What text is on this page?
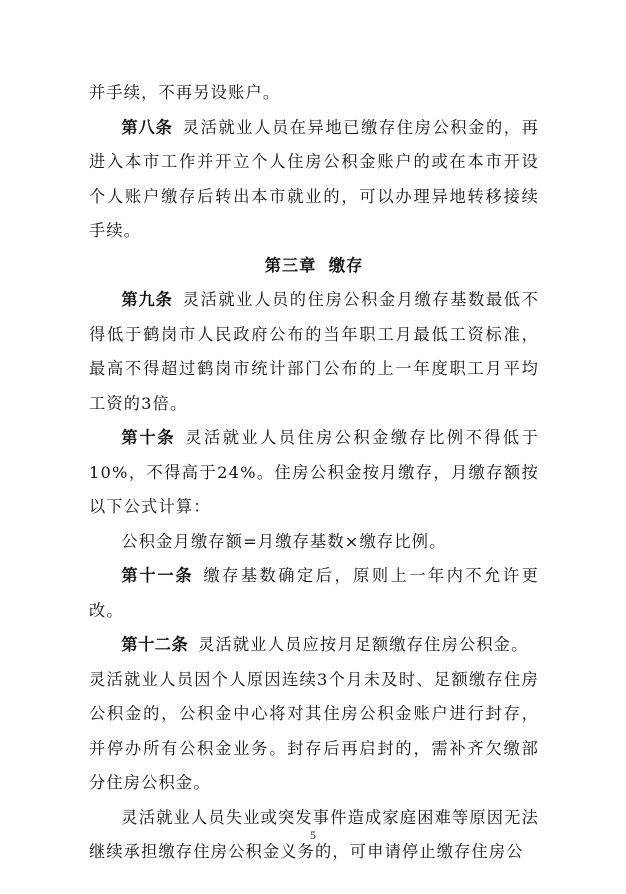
并手续，不再另设账户。

第八条 灵活就业人员在异地已缴存住房公积金的，再进入本市工作并开立个人住房公积金账户的或在本市开设个人账户缴存后转出本市就业的，可以办理异地转移接续手续。

第三章 缴存

第九条 灵活就业人员的住房公积金月缴存基数最低不得低于鹤岗市人民政府公布的当年职工月最低工资标准，最高不得超过鹤岗市统计部门公布的上一年度职工月平均工资的3倍。

第十条 灵活就业人员住房公积金缴存比例不得低于10%，不得高于24%。住房公积金按月缴存，月缴存额按以下公式计算：

公积金月缴存额=月缴存基数×缴存比例。

第十一条 缴存基数确定后，原则上一年内不允许更改。

第十二条 灵活就业人员应按月足额缴存住房公积金。

灵活就业人员因个人原因连续3个月未及时、足额缴存住房公积金的，公积金中心将对其住房公积金账户进行封存，并停办所有公积金业务。封存后再启封的，需补齐欠缴部分住房公积金。

灵活就业人员失业或突发事件造成家庭困难等原因无法继续承担缴存住房公积金义务的，可申请停止缴存住房公

5
